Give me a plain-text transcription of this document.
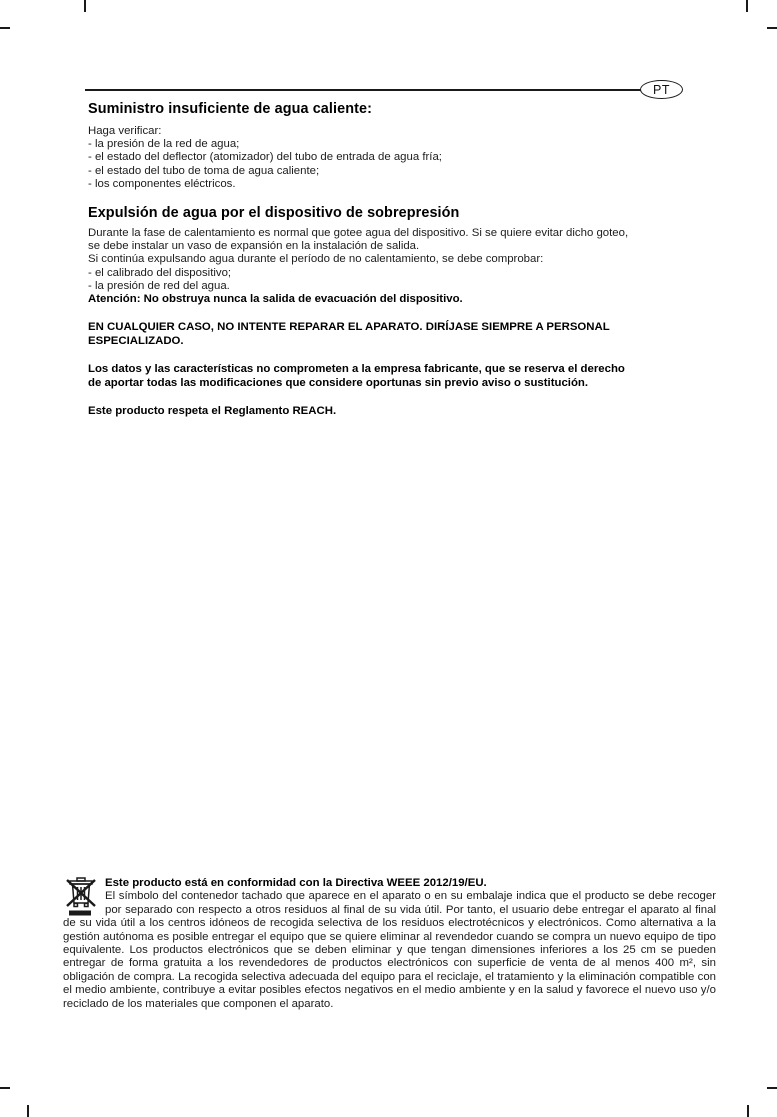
PT
Suministro insuficiente de agua caliente:
Haga verificar:
- la presión de la red de agua;
- el estado del deflector (atomizador) del tubo de entrada de agua fría;
- el estado del tubo de toma de agua caliente;
- los componentes eléctricos.
Expulsión de agua por el dispositivo de sobrepresión
Durante la fase de calentamiento es normal que gotee agua del dispositivo. Si se quiere evitar dicho goteo,
se debe instalar un vaso de expansión en la instalación de salida.
Si continúa expulsando agua durante el período de no calentamiento, se debe comprobar:
- el calibrado del dispositivo;
- la presión de red del agua.
Atención: No obstruya nunca la salida de evacuación del dispositivo.
EN CUALQUIER CASO, NO INTENTE REPARAR EL APARATO. DIRÍJASE SIEMPRE A PERSONAL
ESPECIALIZADO.
Los datos y las características no comprometen a la empresa fabricante, que se reserva el derecho
de aportar todas las modificaciones que considere oportunas sin previo aviso o sustitución.
Este producto respeta el Reglamento REACH.
Este producto está en conformidad con la Directiva WEEE 2012/19/EU.
El símbolo del contenedor tachado que aparece en el aparato o en su embalaje indica que el producto se debe recoger por separado con respecto a otros residuos al final de su vida útil. Por tanto, el usuario debe entregar el aparato al final de su vida útil a los centros idóneos de recogida selectiva de los residuos electrotécnicos y electrónicos. Como alternativa a la gestión autónoma es posible entregar el equipo que se quiere eliminar al revendedor cuando se compra un nuevo equipo de tipo equivalente. Los productos electrónicos que se deben eliminar y que tengan dimensiones inferiores a los 25 cm se pueden entregar de forma gratuita a los revendedores de productos electrónicos con superficie de venta de al menos 400 m², sin obligación de compra. La recogida selectiva adecuada del equipo para el reciclaje, el tratamiento y la eliminación compatible con el medio ambiente, contribuye a evitar posibles efectos negativos en el medio ambiente y en la salud y favorece el nuevo uso y/o reciclado de los materiales que componen el aparato.
